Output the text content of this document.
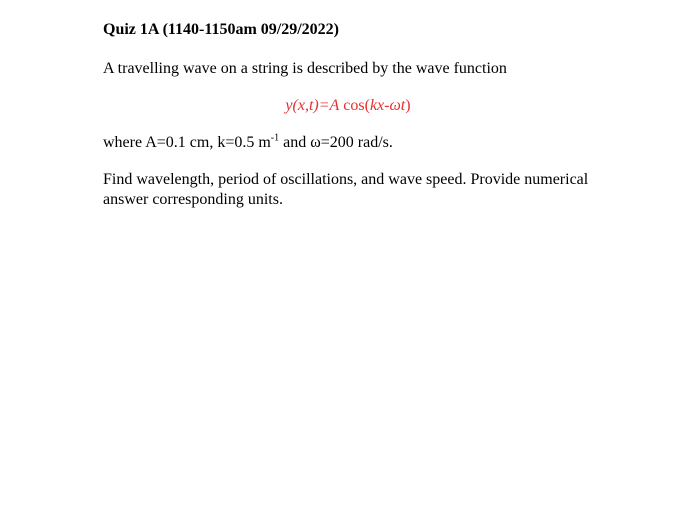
Quiz 1A (1140-1150am 09/29/2022)

A travelling wave on a string is described by the wave function

y(x,t)=A cos(kx-ωt)

where A=0.1 cm, k=0.5 $m^{-1}$ and ω=200 rad/s.

Find wavelength, period of oscillations, and wave speed. Provide numerical answer corresponding units.
